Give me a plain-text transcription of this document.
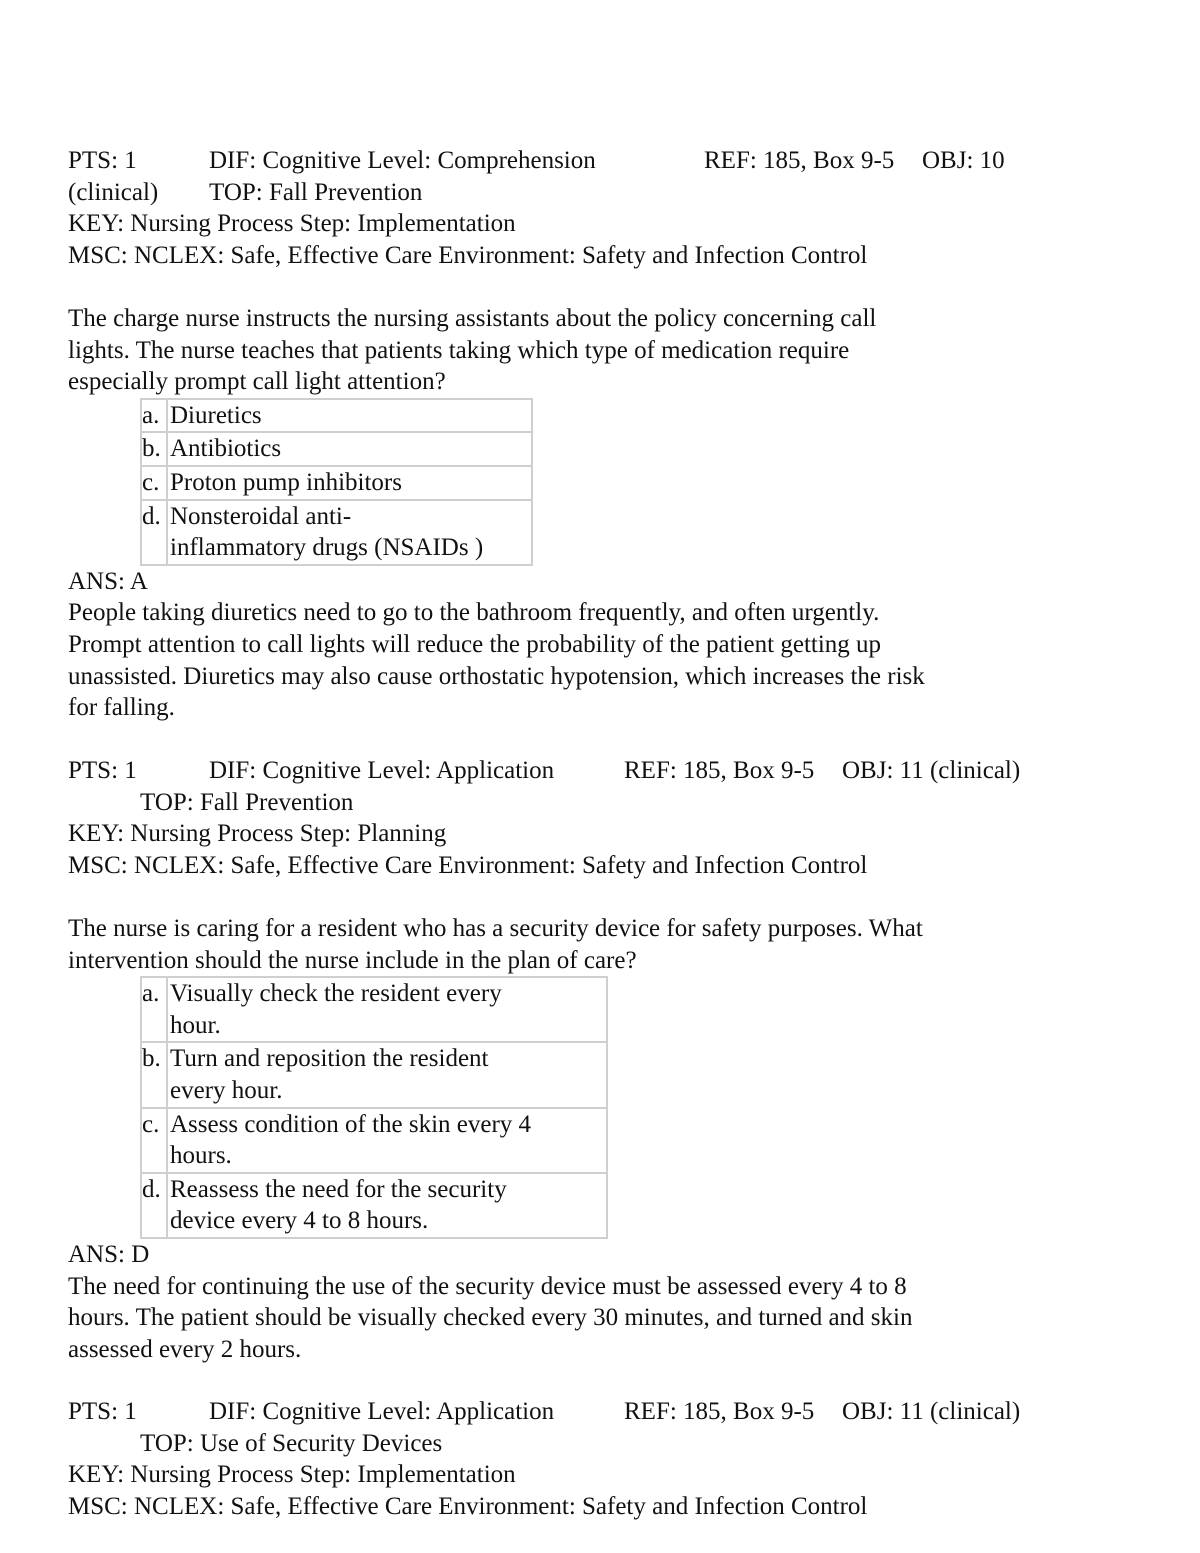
PTS: 1	DIF: Cognitive Level: Comprehension	REF: 185, Box 9-5 OBJ: 10
(clinical) TOP: Fall Prevention
KEY: Nursing Process Step: Implementation
MSC: NCLEX: Safe, Effective Care Environment: Safety and Infection Control
The charge nurse instructs the nursing assistants about the policy concerning call
lights. The nurse teaches that patients taking which type of medication require
especially prompt call light attention?
a.	Diuretics
b.	Antibiotics
c.	Proton pump inhibitors
d.	Nonsteroidal anti-
inflammatory drugs (NSAIDs )
ANS: A
People taking diuretics need to go to the bathroom frequently, and often urgently.
Prompt attention to call lights will reduce the probability of the patient getting up
unassisted. Diuretics may also cause orthostatic hypotension, which increases the risk
for falling.
PTS: 1	DIF: Cognitive Level: Application	REF: 185, Box 9-5 OBJ: 11 (clinical)
TOP: Fall Prevention
KEY: Nursing Process Step: Planning
MSC: NCLEX: Safe, Effective Care Environment: Safety and Infection Control
The nurse is caring for a resident who has a security device for safety purposes. What
intervention should the nurse include in the plan of care?
a.	Visually check the resident every
hour.

b.	Turn and reposition the resident
every hour.

c.	Assess condition of the skin every 4
hours.

d.	Reassess the need for the security
device every 4 to 8 hours.
ANS: D
The need for continuing the use of the security device must be assessed every 4 to 8
hours. The patient should be visually checked every 30 minutes, and turned and skin
assessed every 2 hours.
PTS: 1	DIF: Cognitive Level: Application	REF: 185, Box 9-5 OBJ: 11 (clinical)
TOP: Use of Security Devices
KEY: Nursing Process Step: Implementation
MSC: NCLEX: Safe, Effective Care Environment: Safety and Infection Control
